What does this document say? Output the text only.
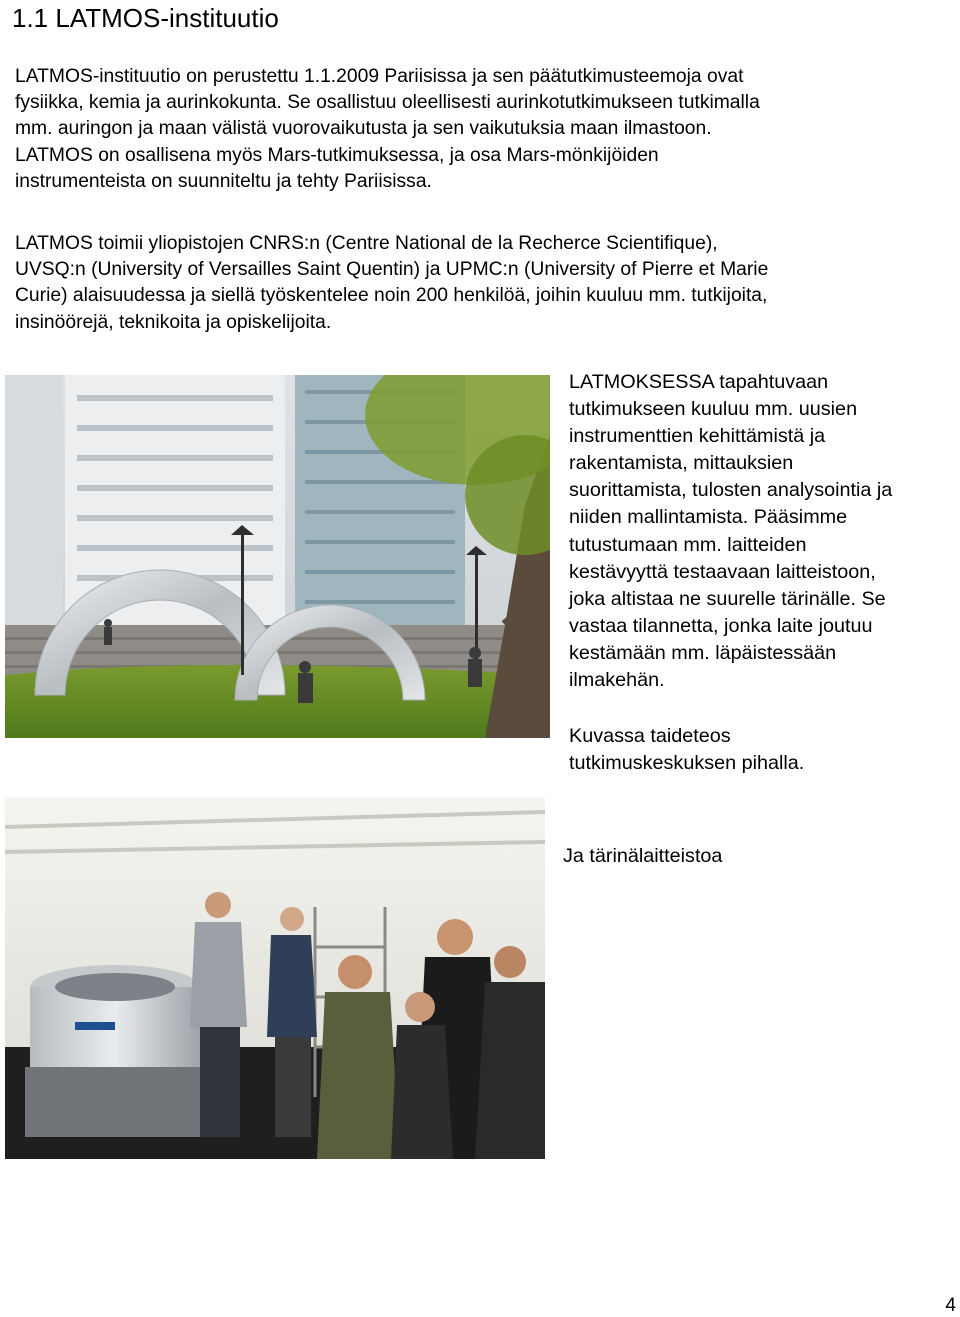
1.1 LATMOS-instituutio

LATMOS-instituutio on perustettu 1.1.2009 Pariisissa ja sen päätutkimusteemoja ovat
fysiikka, kemia ja aurinkokunta. Se osallistuu oleellisesti aurinkotutkimukseen tutkimalla
mm. auringon ja maan välistä vuorovaikutusta ja sen vaikutuksia maan ilmastoon.
LATMOS on osallisena myös Mars-tutkimuksessa, ja osa Mars-mönkijöiden
instrumenteista on suunniteltu ja tehty Pariisissa.

LATMOS toimii yliopistojen CNRS:n (Centre National de la Recherce Scientifique),
UVSQ:n (University of Versailles Saint Quentin) ja UPMC:n (University of Pierre et Marie
Curie) alaisuudessa ja siellä työskentelee noin 200 henkilöä, joihin kuuluu mm. tutkijoita,
insinöörejä, teknikoita ja opiskelijoita.

LATMOKSESSA tapahtuvaan
tutkimukseen kuuluu mm. uusien
instrumenttien kehittämistä ja
rakentamista, mittauksien
suorittamista, tulosten analysointia ja
niiden mallintamista. Pääsimme
tutustumaan mm. laitteiden
kestävyyttä testaavaan laitteistoon,
joka altistaa ne suurelle tärinälle. Se
vastaa tilannetta, jonka laite joutuu
kestämään mm. läpäistessään
ilmakehän.

Kuvassa taideteos
tutkimuskeskuksen pihalla.

Ja tärinälaitteistoa

4
